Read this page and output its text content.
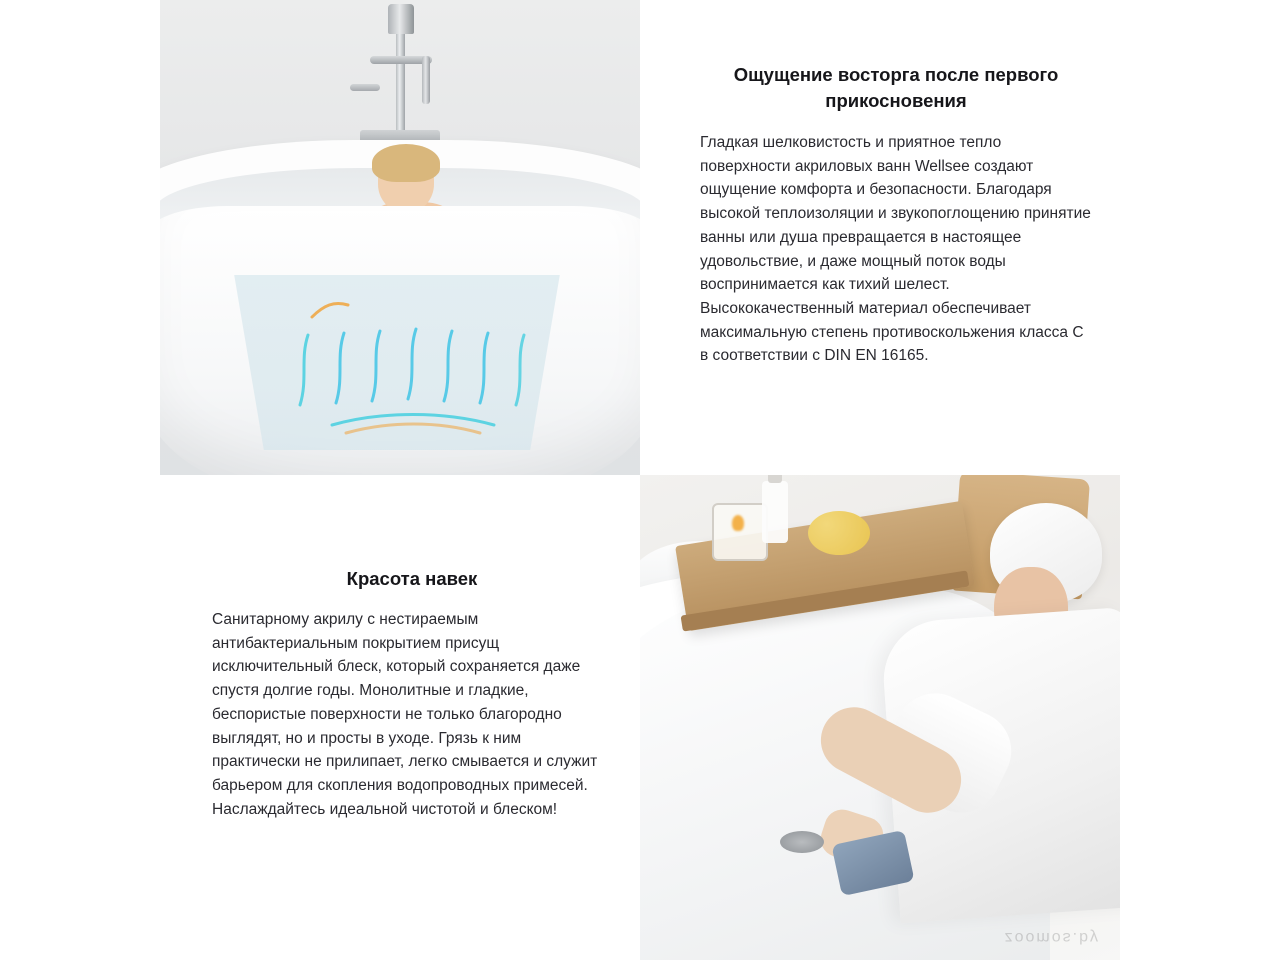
Ощущение восторга после первого прикосновения

Гладкая шелковистость и приятное тепло поверхности акриловых ванн Wellsee создают ощущение комфорта и безопасности. Благодаря высокой теплоизоляции и звукопоглощению принятие ванны или душа превращается в настоящее удовольствие, и даже мощный поток воды воспринимается как тихий шелест. Высококачественный материал обеспечивает максимальную степень противоскольжения класса C в соответствии с DIN EN 16165.

Красота навек

Санитарному акрилу с нестираемым антибактериальным покрытием присущ исключительный блеск, который сохраняется даже спустя долгие годы. Монолитные и гладкие, беспористые поверхности не только благородно выглядят, но и просты в уходе. Грязь к ним практически не прилипает, легко смывается и служит барьером для скопления водопроводных примесей. Наслаждайтесь идеальной чистотой и блеском!

zoomos.by
